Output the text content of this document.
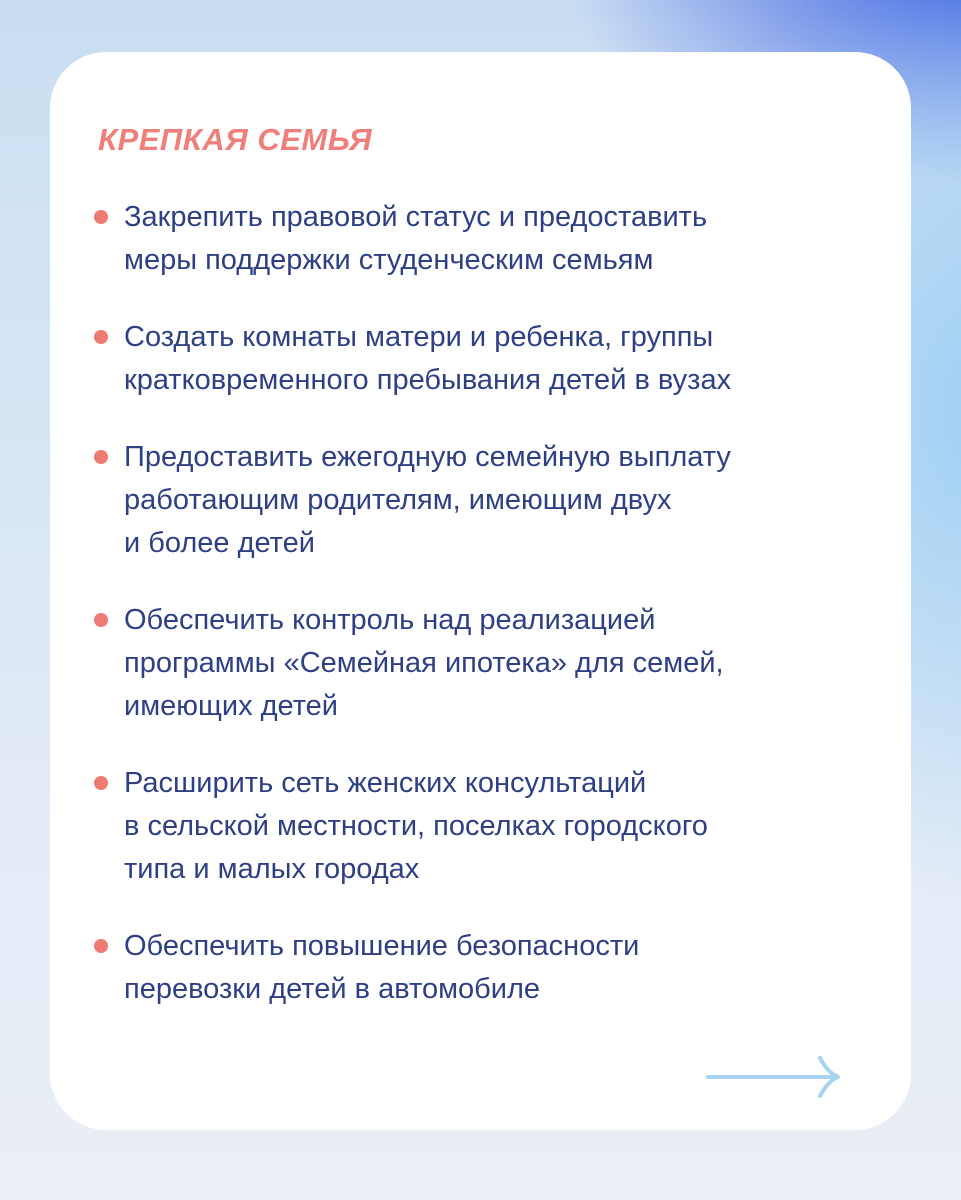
КРЕПКАЯ СЕМЬЯ
Закрепить правовой статус и предоставить
меры поддержки студенческим семьям
Создать комнаты матери и ребенка, группы
кратковременного пребывания детей в вузах
Предоставить ежегодную семейную выплату
работающим родителям, имеющим двух
и более детей
Обеспечить контроль над реализацией
программы «Семейная ипотека» для семей,
имеющих детей
Расширить сеть женских консультаций
в сельской местности, поселках городского
типа и малых городах
Обеспечить повышение безопасности
перевозки детей в автомобиле
